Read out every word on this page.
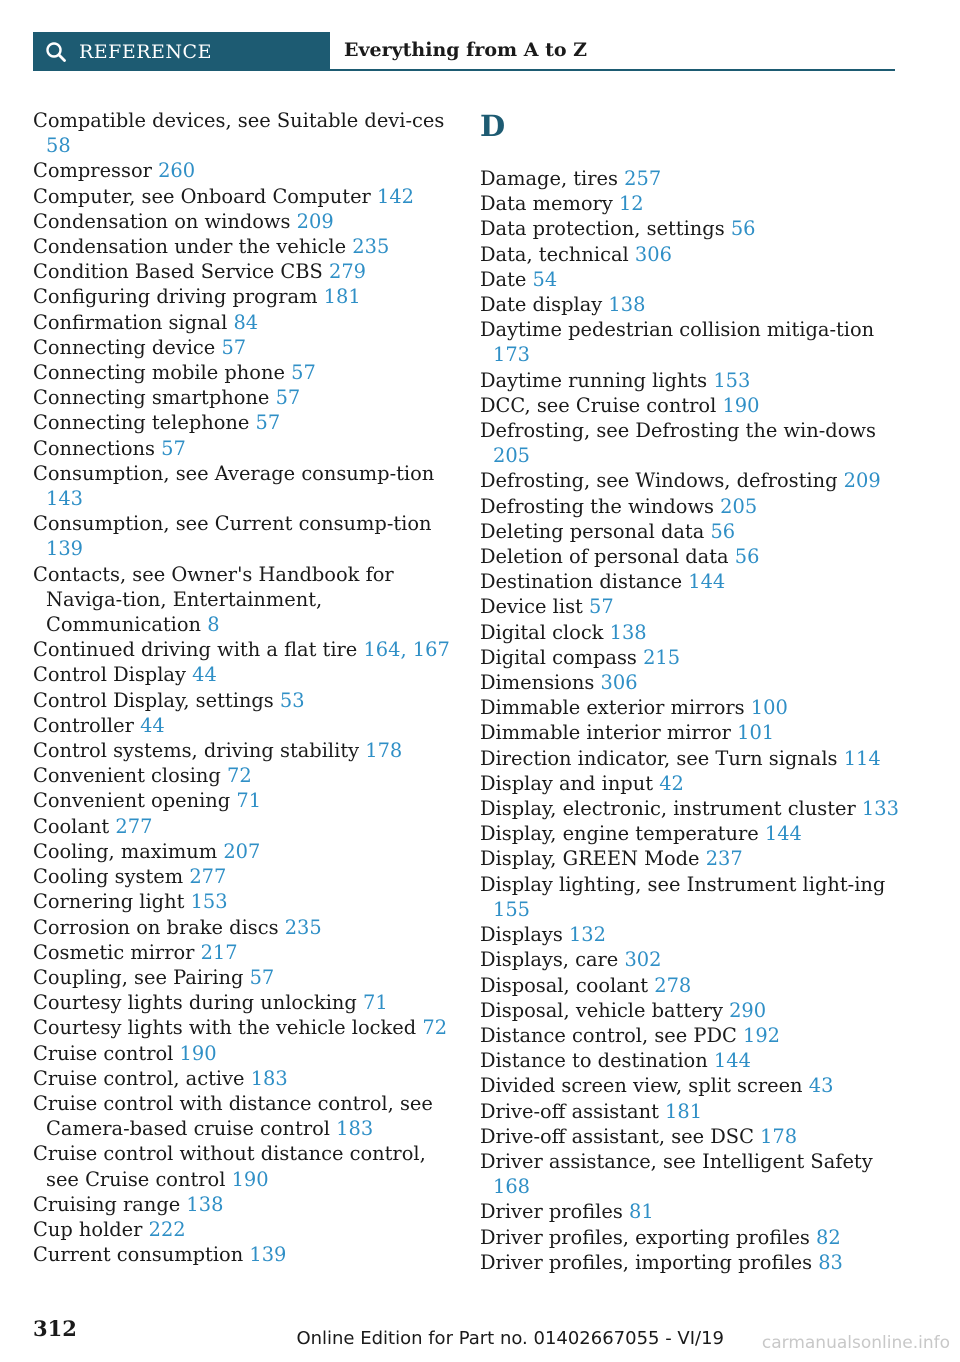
REFERENCE	Everything from A to Z

Compatible devices, see Suitable devi-ces 58

Compressor 260

Computer, see Onboard Computer 142

Condensation on windows 209

Condensation under the vehicle 235

Condition Based Service CBS 279

Configuring driving program 181

Confirmation signal 84

Connecting device 57

Connecting mobile phone 57

Connecting smartphone 57

Connecting telephone 57

Connections 57

Consumption, see Average consump-tion 143

Consumption, see Current consump-tion 139

Contacts, see Owner's Handbook for Naviga-tion, Entertainment, Communication 8

Continued driving with a flat tire 164, 167

Control Display 44

Control Display, settings 53

Controller 44

Control systems, driving stability 178

Convenient closing 72

Convenient opening 71

Coolant 277

Cooling, maximum 207

Cooling system 277

Cornering light 153

Corrosion on brake discs 235

Cosmetic mirror 217

Coupling, see Pairing 57

Courtesy lights during unlocking 71

Courtesy lights with the vehicle locked 72

Cruise control 190

Cruise control, active 183

Cruise control with distance control, see Camera-based cruise control 183

Cruise control without distance control, see Cruise control 190

Cruising range 138

Cup holder 222

Current consumption 139

D

Damage, tires 257

Data memory 12

Data protection, settings 56

Data, technical 306

Date 54

Date display 138

Daytime pedestrian collision mitiga-tion 173

Daytime running lights 153

DCC, see Cruise control 190

Defrosting, see Defrosting the win-dows 205

Defrosting, see Windows, defrosting 209

Defrosting the windows 205

Deleting personal data 56

Deletion of personal data 56

Destination distance 144

Device list 57

Digital clock 138

Digital compass 215

Dimensions 306

Dimmable exterior mirrors 100

Dimmable interior mirror 101

Direction indicator, see Turn signals 114

Display and input 42

Display, electronic, instrument cluster 133

Display, engine temperature 144

Display, GREEN Mode 237

Display lighting, see Instrument light-ing 155

Displays 132

Displays, care 302

Disposal, coolant 278

Disposal, vehicle battery 290

Distance control, see PDC 192

Distance to destination 144

Divided screen view, split screen 43

Drive-off assistant 181

Drive-off assistant, see DSC 178

Driver assistance, see Intelligent Safety 168

Driver profiles 81

Driver profiles, exporting profiles 82

Driver profiles, importing profiles 83

312	Online Edition for Part no. 01402667055 - VI/19 carmanualsonline.info
